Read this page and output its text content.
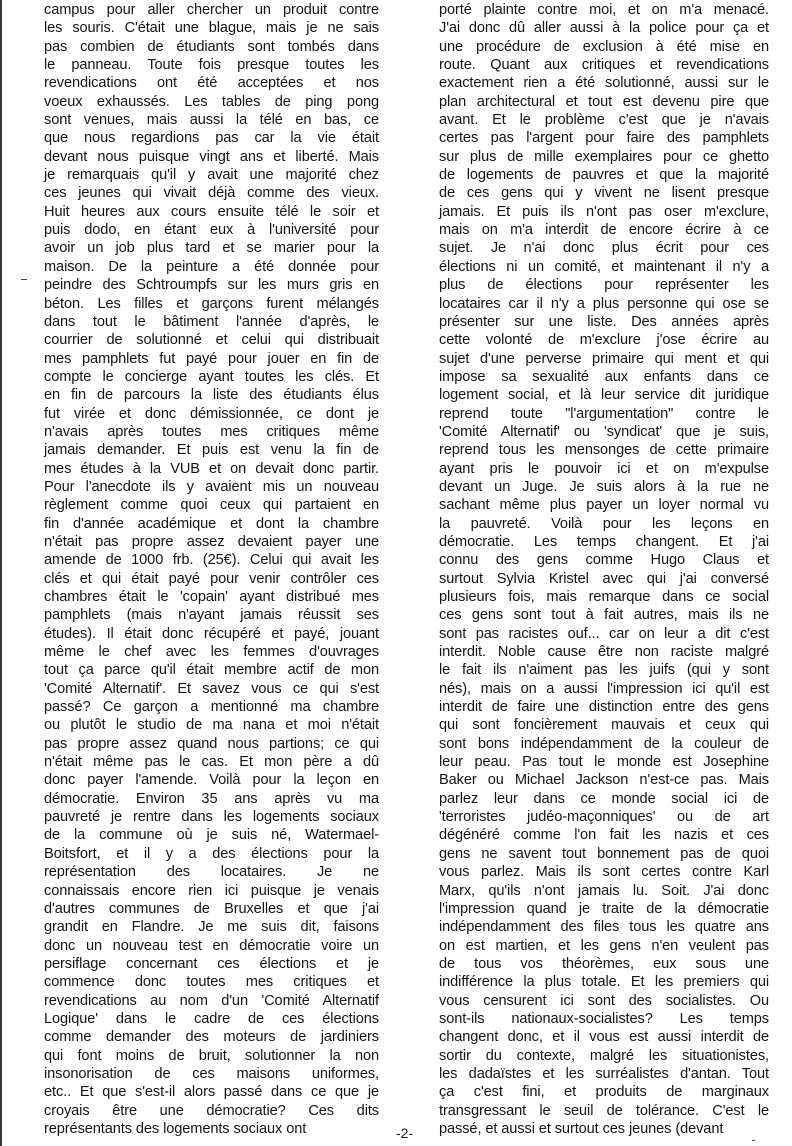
campus pour aller chercher un produit contre
les souris. C'était une blague, mais je ne sais
pas combien de étudiants sont tombés dans
le panneau. Toute fois presque toutes les
revendications ont été acceptées et nos
voeux exhaussés. Les tables de ping pong
sont venues, mais aussi la télé en bas, ce
que nous regardions pas car la vie était
devant nous puisque vingt ans et liberté. Mais
je remarquais qu'il y avait une majorité chez
ces jeunes qui vivait déjà comme des vieux.
Huit heures aux cours ensuite télé le soir et
puis dodo, en étant eux à l'université pour
avoir un job plus tard et se marier pour la
maison. De la peinture a été donnée pour
peindre des Schtroumpfs sur les murs gris en
béton. Les filles et garçons furent mélangés
dans tout le bâtiment l'année d'après, le
courrier de solutionné et celui qui distribuait
mes pamphlets fut payé pour jouer en fin de
compte le concierge ayant toutes les clés. Et
en fin de parcours la liste des étudiants élus
fut virée et donc démissionnée, ce dont je
n'avais après toutes mes critiques même
jamais demander. Et puis est venu la fin de
mes études à la VUB et on devait donc partir.
Pour l'anecdote ils y avaient mis un nouveau
règlement comme quoi ceux qui partaient en
fin d'année académique et dont la chambre
n'était pas propre assez devaient payer une
amende de 1000 frb. (25€). Celui qui avait les
clés et qui était payé pour venir contrôler ces
chambres était le 'copain' ayant distribué mes
pamphlets (mais n'ayant jamais réussit ses
études). Il était donc récupéré et payé, jouant
même le chef avec les femmes d'ouvrages
tout ça parce qu'il était membre actif de mon
'Comité Alternatif'. Et savez vous ce qui s'est
passé? Ce garçon a mentionné ma chambre
ou plutôt le studio de ma nana et moi n'était
pas propre assez quand nous partions; ce qui
n'était même pas le cas. Et mon père a dû
donc payer l'amende. Voilà pour la leçon en
démocratie. Environ 35 ans après vu ma
pauvreté je rentre dans les logements sociaux
de la commune où je suis né, Watermael-
Boitsfort, et il y a des élections pour la
représentation des locataires. Je ne
connaissais encore rien ici puisque je venais
d'autres communes de Bruxelles et que j'ai
grandit en Flandre. Je me suis dit, faisons
donc un nouveau test en démocratie voire un
persiflage concernant ces élections et je
commence donc toutes mes critiques et
revendications au nom d'un 'Comité Alternatif
Logique' dans le cadre de ces élections
comme demander des moteurs de jardiniers
qui font moins de bruit, solutionner la non
insonorisation de ces maisons uniformes,
etc.. Et que s'est-il alors passé dans ce que je
croyais être une démocratie? Ces dits
représentants des logements sociaux ont
porté plainte contre moi, et on m'a menacé.
J'ai donc dû aller aussi à la police pour ça et
une procédure de exclusion à été mise en
route. Quant aux critiques et revendications
exactement rien a été solutionné, aussi sur le
plan architectural et tout est devenu pire que
avant. Et le problème c'est que je n'avais
certes pas l'argent pour faire des pamphlets
sur plus de mille exemplaires pour ce ghetto
de logements de pauvres et que la majorité
de ces gens qui y vivent ne lisent presque
jamais. Et puis ils n'ont pas oser m'exclure,
mais on m'a interdit de encore écrire à ce
sujet. Je n'ai donc plus écrit pour ces
élections ni un comité, et maintenant il n'y a
plus de élections pour représenter les
locataires car il n'y a plus personne qui ose se
présenter sur une liste. Des années après
cette volonté de m'exclure j'ose écrire au
sujet d'une perverse primaire qui ment et qui
impose sa sexualité aux enfants dans ce
logement social, et là leur service dit juridique
reprend toute "l'argumentation" contre le
'Comité Alternatif' ou 'syndicat' que je suis,
reprend tous les mensonges de cette primaire
ayant pris le pouvoir ici et on m'expulse
devant un Juge. Je suis alors à la rue ne
sachant même plus payer un loyer normal vu
la pauvreté. Voilà pour les leçons en
démocratie. Les temps changent. Et j'ai
connu des gens comme Hugo Claus et
surtout Sylvia Kristel avec qui j'ai conversé
plusieurs fois, mais remarque dans ce social
ces gens sont tout à fait autres, mais ils ne
sont pas racistes ouf... car on leur a dit c'est
interdit. Noble cause être non raciste malgré
le fait ils n'aiment pas les juifs (qui y sont
nés), mais on a aussi l'impression ici qu'il est
interdit de faire une distinction entre des gens
qui sont foncièrement mauvais et ceux qui
sont bons indépendamment de la couleur de
leur peau. Pas tout le monde est Josephine
Baker ou Michael Jackson n'est-ce pas. Mais
parlez leur dans ce monde social ici de
'terroristes judéo-maçonniques' ou de art
dégénéré comme l'on fait les nazis et ces
gens ne savent tout bonnement pas de quoi
vous parlez. Mais ils sont certes contre Karl
Marx, qu'ils n'ont jamais lu. Soit. J'ai donc
l'impression quand je traite de la démocratie
indépendamment des files tous les quatre ans
on est martien, et les gens n'en veulent pas
de tous vos théorèmes, eux sous une
indifférence la plus totale. Et les premiers qui
vous censurent ici sont des socialistes. Ou
sont-ils nationaux-socialistes? Les temps
changent donc, et il vous est aussi interdit de
sortir du contexte, malgré les situationistes,
les dadaïstes et les surréalistes d'antan. Tout
ça c'est fini, et produits de marginaux
transgressant le seuil de tolérance. C'est le
passé, et aussi et surtout ces jeunes (devant
-2-
